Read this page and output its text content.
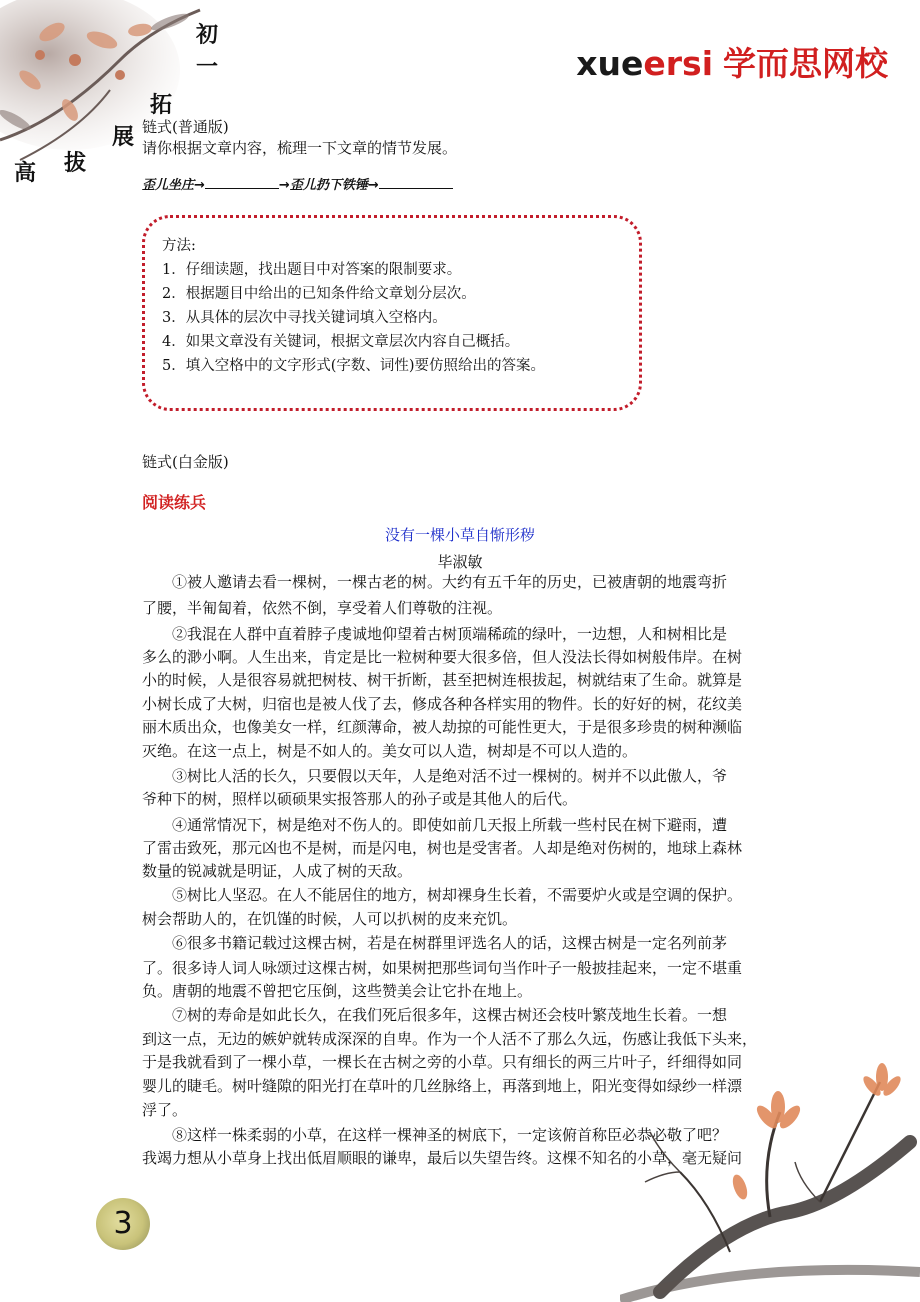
初
一
拓
展
拔
高
xueersi 学而思网校
链式(普通版)
请你根据文章内容，梳理一下文章的情节发展。
歪儿坐庄→	→歪儿扔下铁锤→
方法:
1．仔细读题，找出题目中对答案的限制要求。
2．根据题目中给出的已知条件给文章划分层次。
3．从具体的层次中寻找关键词填入空格内。
4．如果文章没有关键词，根据文章层次内容自己概括。
5．填入空格中的文字形式(字数、词性)要仿照给出的答案。
链式(白金版)
阅读练兵
没有一棵小草自惭形秽
毕淑敏
　　①被人邀请去看一棵树，一棵古老的树。大约有五千年的历史，已被唐朝的地震弯折
了腰，半匍匐着，依然不倒，享受着人们尊敬的注视。
　　②我混在人群中直着脖子虔诚地仰望着古树顶端稀疏的绿叶，一边想，人和树相比是
多么的渺小啊。人生出来，肯定是比一粒树种要大很多倍，但人没法长得如树般伟岸。在树
小的时候，人是很容易就把树枝、树干折断，甚至把树连根拔起，树就结束了生命。就算是
小树长成了大树，归宿也是被人伐了去，修成各种各样实用的物件。长的好好的树，花纹美
丽木质出众，也像美女一样，红颜薄命，被人劫掠的可能性更大，于是很多珍贵的树种濒临
灭绝。在这一点上，树是不如人的。美女可以人造，树却是不可以人造的。
　　③树比人活的长久，只要假以天年，人是绝对活不过一棵树的。树并不以此傲人，爷
爷种下的树，照样以硕硕果实报答那人的孙子或是其他人的后代。
　　④通常情况下，树是绝对不伤人的。即使如前几天报上所载一些村民在树下避雨，遭
了雷击致死，那元凶也不是树，而是闪电，树也是受害者。人却是绝对伤树的，地球上森林
数量的锐减就是明证，人成了树的天敌。
　　⑤树比人坚忍。在人不能居住的地方，树却裸身生长着，不需要炉火或是空调的保护。
树会帮助人的，在饥馑的时候，人可以扒树的皮来充饥。
　　⑥很多书籍记载过这棵古树，若是在树群里评选名人的话，这棵古树是一定名列前茅
了。很多诗人词人咏颂过这棵古树，如果树把那些词句当作叶子一般披挂起来，一定不堪重
负。唐朝的地震不曾把它压倒，这些赞美会让它扑在地上。
　　⑦树的寿命是如此长久，在我们死后很多年，这棵古树还会枝叶繁茂地生长着。一想
到这一点，无边的嫉妒就转成深深的自卑。作为一个人活不了那么久远，伤感让我低下头来，
于是我就看到了一棵小草，一棵长在古树之旁的小草。只有细长的两三片叶子，纤细得如同
婴儿的睫毛。树叶缝隙的阳光打在草叶的几丝脉络上，再落到地上，阳光变得如绿纱一样漂
浮了。
　　⑧这样一株柔弱的小草，在这样一棵神圣的树底下，一定该俯首称臣必恭必敬了吧？
我竭力想从小草身上找出低眉顺眼的谦卑，最后以失望告终。这棵不知名的小草，毫无疑问
3
